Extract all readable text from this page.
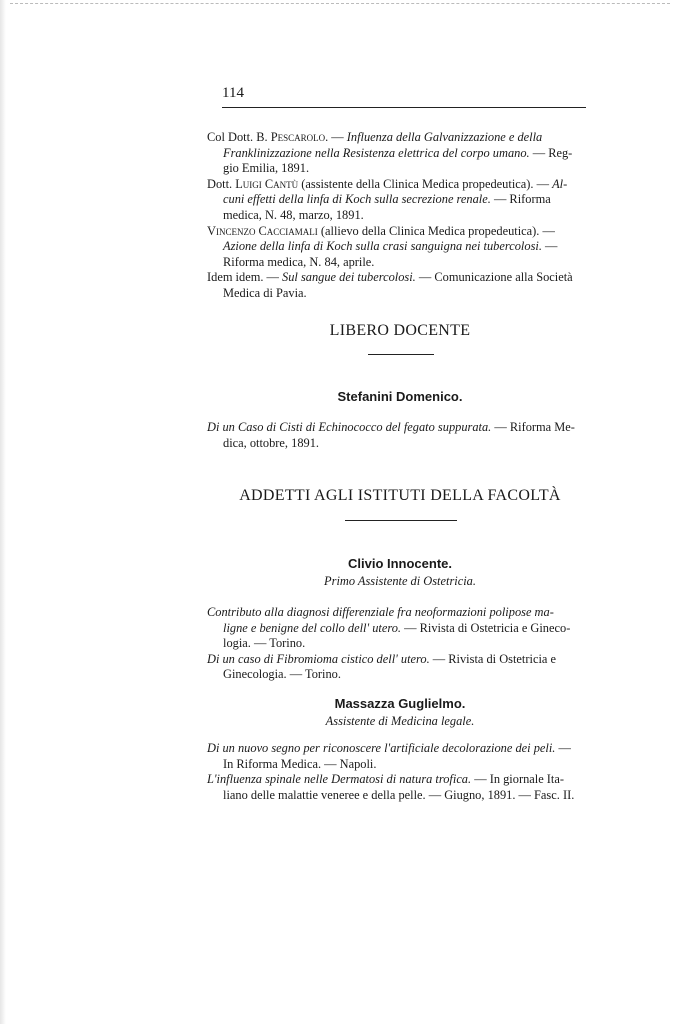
114
Col Dott. B. Pescarolo. — Influenza della Galvanizzazione e della
Franklinizzazione nella Resistenza elettrica del corpo umano. — Reg-
gio Emilia, 1891.
Dott. Luigi Cantù (assistente della Clinica Medica propedeutica). — Al-
cuni effetti della linfa di Koch sulla secrezione renale. — Riforma
medica, N. 48, marzo, 1891.
Vincenzo Cacciamali (allievo della Clinica Medica propedeutica). —
Azione della linfa di Koch sulla crasi sanguigna nei tubercolosi. —
Riforma medica, N. 84, aprile.
Idem idem. — Sul sangue dei tubercolosi. — Comunicazione alla Società
Medica di Pavia.
LIBERO DOCENTE
Stefanini Domenico.
Di un Caso di Cisti di Echinococco del fegato suppurata. — Riforma Me-
dica, ottobre, 1891.
ADDETTI AGLI ISTITUTI DELLA FACOLTÀ
Clivio Innocente.
Primo Assistente di Ostetricia.
Contributo alla diagnosi differenziale fra neoformazioni polipose ma-
ligne e benigne del collo dell' utero. — Rivista di Ostetricia e Gineco-
logia. — Torino.
Di un caso di Fibromioma cistico dell' utero. — Rivista di Ostetricia e
Ginecologia. — Torino.
Massazza Guglielmo.
Assistente di Medicina legale.
Di un nuovo segno per riconoscere l'artificiale decolorazione dei peli. —
In Riforma Medica. — Napoli.
L'influenza spinale nelle Dermatosi di natura trofica. — In giornale Ita-
liano delle malattie veneree e della pelle. — Giugno, 1891. — Fasc. II.
